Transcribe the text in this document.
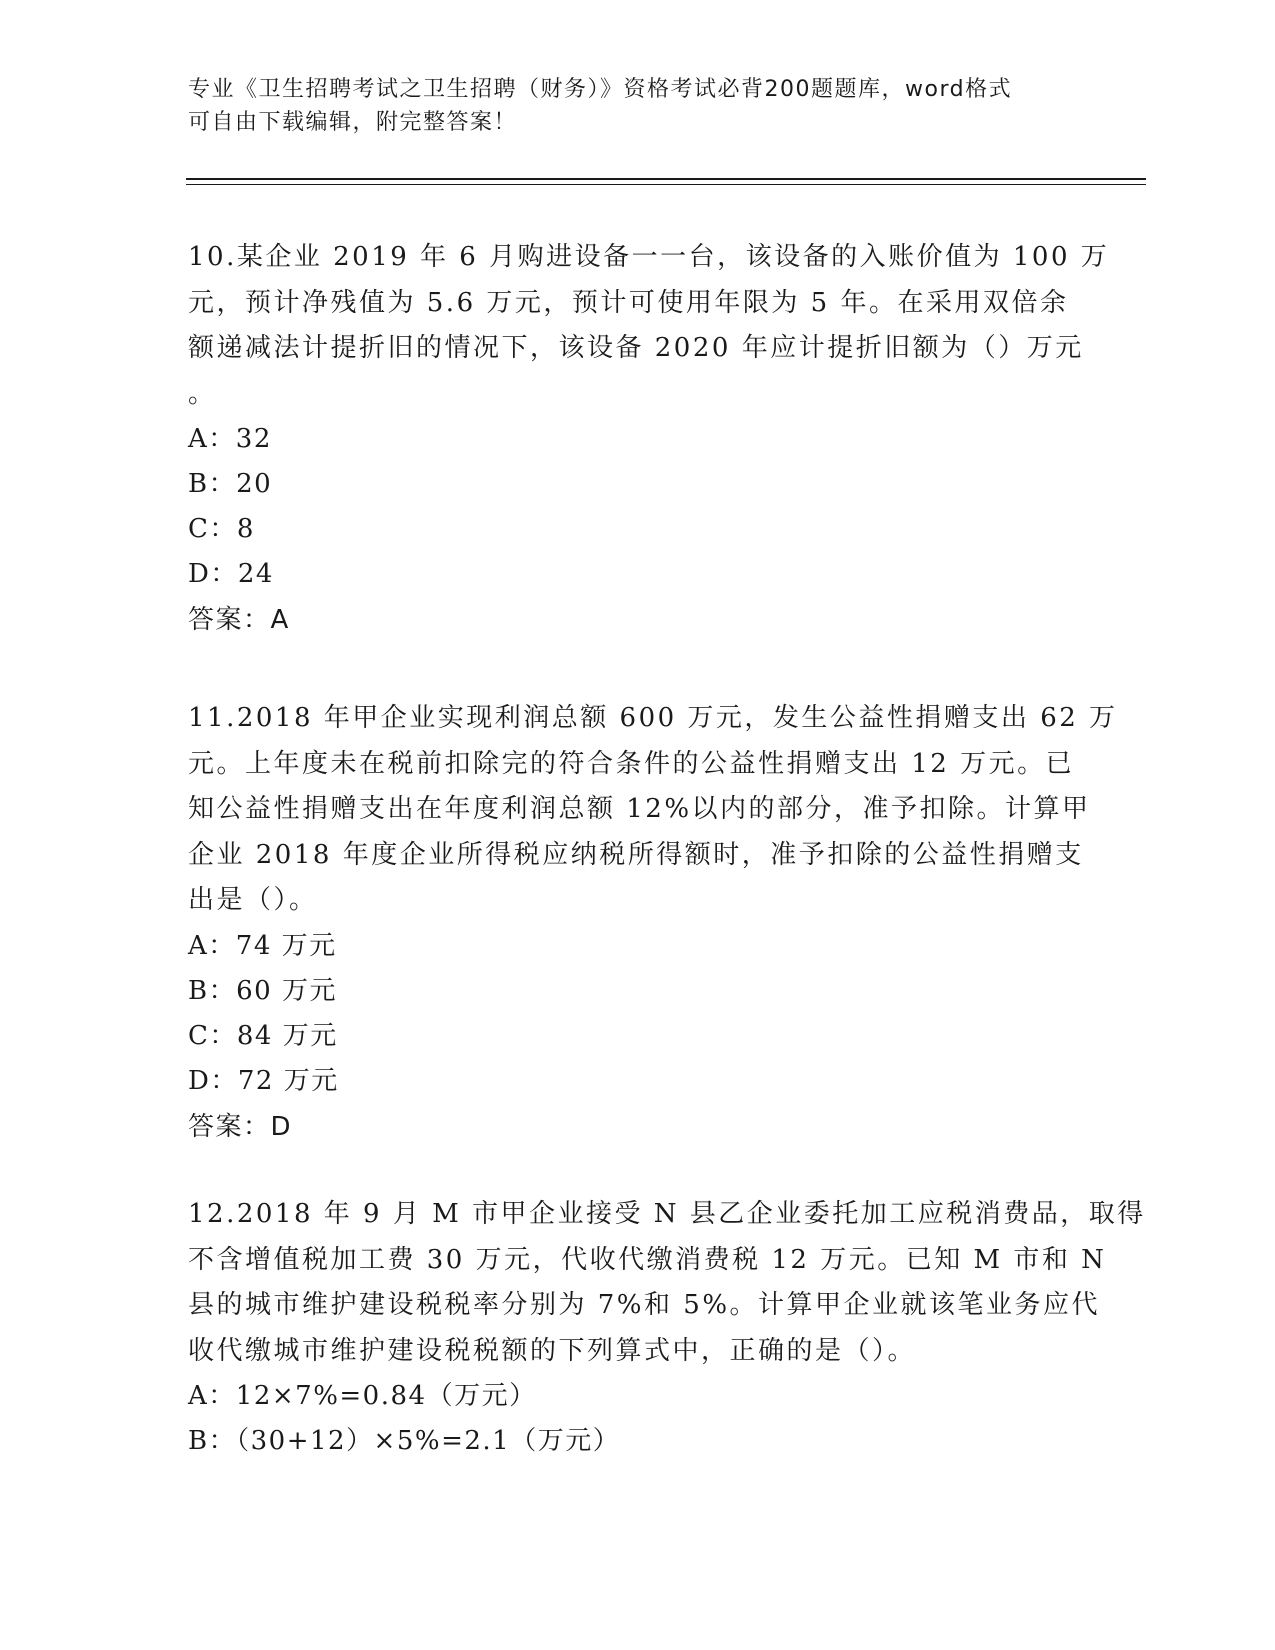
专业《卫生招聘考试之卫生招聘（财务）》资格考试必背200题题库，word格式

可自由下载编辑，附完整答案！

10.某企业 2019 年 6 月购进设备一一台，该设备的入账价值为 100 万
元，预计净残值为 5.6 万元，预计可使用年限为 5 年。在采用双倍余
额递减法计提折旧的情况下，该设备 2020 年应计提折旧额为（）万元
。

A：32

B：20

C：8

D：24

答案：A

11.2018 年甲企业实现利润总额 600 万元，发生公益性捐赠支出 62 万
元。上年度未在税前扣除完的符合条件的公益性捐赠支出 12 万元。已
知公益性捐赠支出在年度利润总额 12%以内的部分，准予扣除。计算甲
企业 2018 年度企业所得税应纳税所得额时，准予扣除的公益性捐赠支
出是（）。

A：74 万元

B：60 万元

C：84 万元

D：72 万元

答案：D

12.2018 年 9 月 M 市甲企业接受 N 县乙企业委托加工应税消费品，取得
不含增值税加工费 30 万元，代收代缴消费税 12 万元。已知 M 市和 N
县的城市维护建设税税率分别为 7%和 5%。计算甲企业就该笔业务应代
收代缴城市维护建设税税额的下列算式中，正确的是（）。

A：12×7%=0.84（万元）

B：（30+12）×5%=2.1（万元）
